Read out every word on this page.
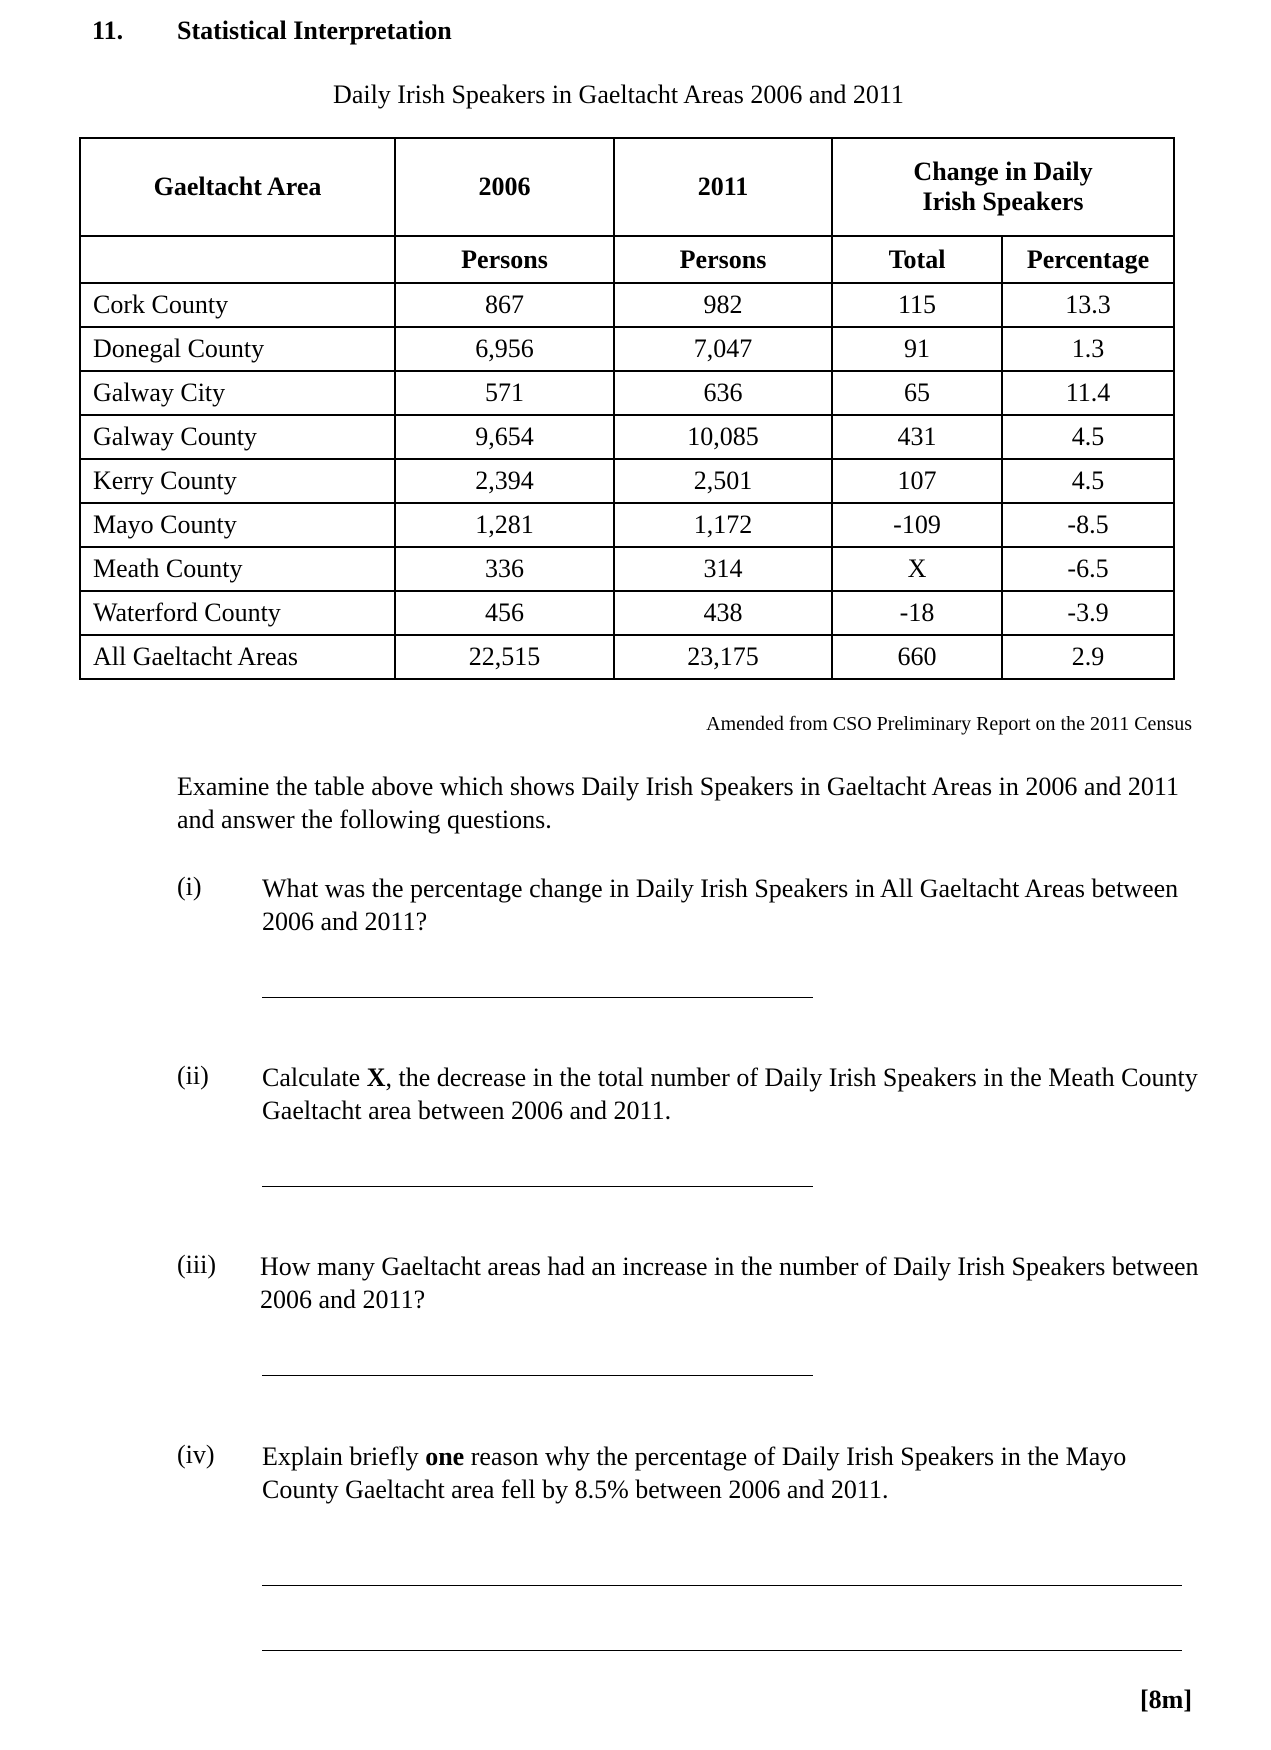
11. Statistical Interpretation
Daily Irish Speakers in Gaeltacht Areas 2006 and 2011
Gaeltacht Area	2006	2011	Change in Daily Irish Speakers	

	Persons	Persons	Total	Percentage
Cork County	867	982	115	13.3
Donegal County	6,956	7,047	91	1.3
Galway City	571	636	65	11.4
Galway County	9,654	10,085	431	4.5
Kerry County	2,394	2,501	107	4.5
Mayo County	1,281	1,172	-109	-8.5
Meath County	336	314	X	-6.5
Waterford County	456	438	-18	-3.9
All Gaeltacht Areas	22,515	23,175	660	2.9
Amended from CSO Preliminary Report on the 2011 Census
Examine the table above which shows Daily Irish Speakers in Gaeltacht Areas in 2006 and 2011 and answer the following questions.
(i) What was the percentage change in Daily Irish Speakers in All Gaeltacht Areas between 2006 and 2011?
(ii) Calculate X, the decrease in the total number of Daily Irish Speakers in the Meath County Gaeltacht area between 2006 and 2011.
(iii) How many Gaeltacht areas had an increase in the number of Daily Irish Speakers between 2006 and 2011?
(iv) Explain briefly one reason why the percentage of Daily Irish Speakers in the Mayo County Gaeltacht area fell by 8.5% between 2006 and 2011.
[8m]
